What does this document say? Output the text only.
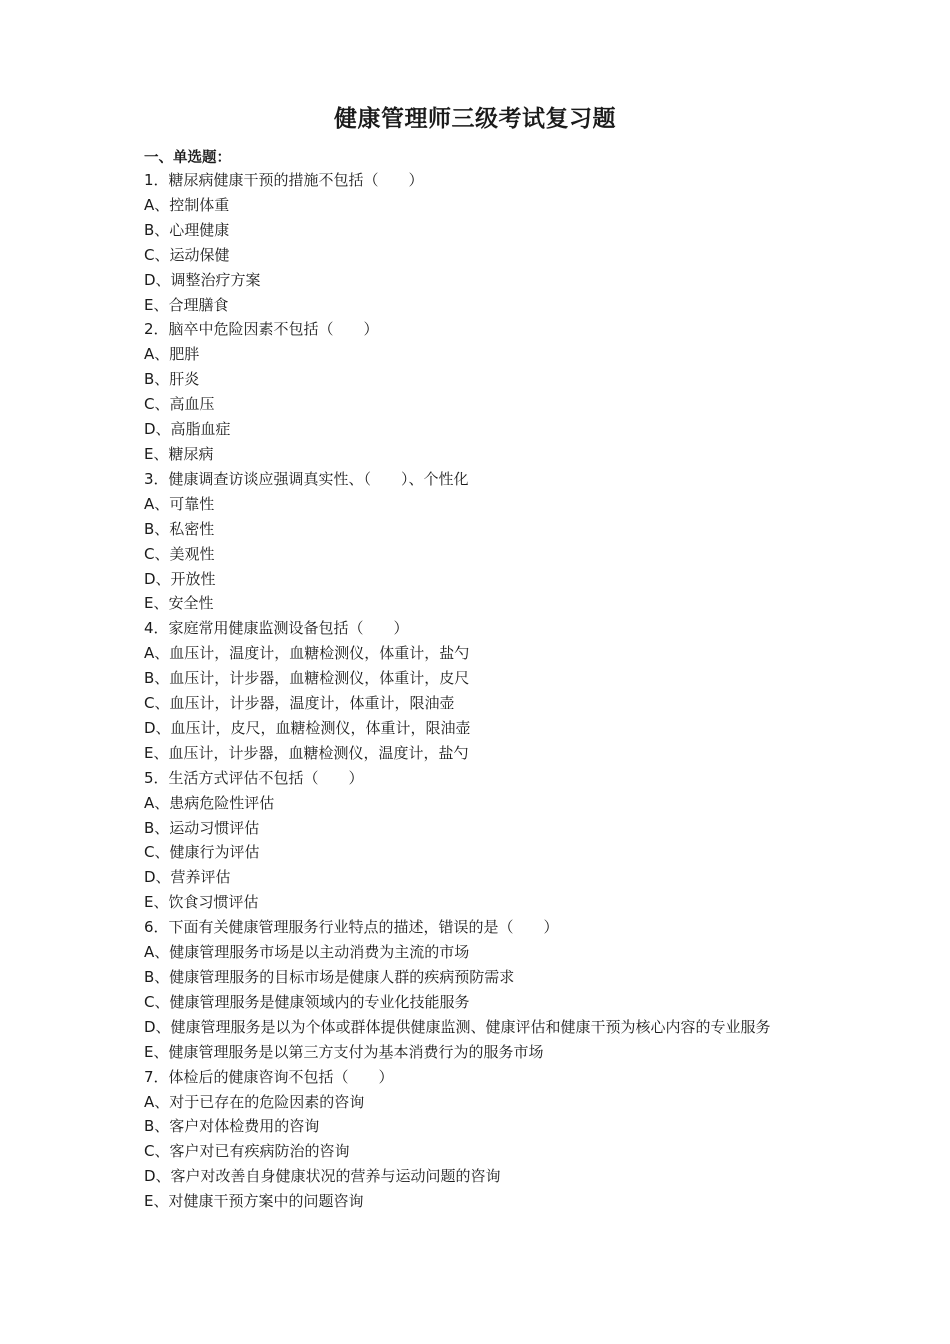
健康管理师三级考试复习题
一、单选题：
1．糖尿病健康干预的措施不包括（　　）
A、控制体重
B、心理健康
C、运动保健
D、调整治疗方案
E、合理膳食
2．脑卒中危险因素不包括（　　）
A、肥胖
B、肝炎
C、高血压
D、高脂血症
E、糖尿病
3．健康调查访谈应强调真实性、（　　）、个性化
A、可靠性
B、私密性
C、美观性
D、开放性
E、安全性
4．家庭常用健康监测设备包括（　　）
A、血压计，温度计，血糖检测仪，体重计，盐勺
B、血压计，计步器，血糖检测仪，体重计，皮尺
C、血压计，计步器，温度计，体重计，限油壶
D、血压计，皮尺，血糖检测仪，体重计，限油壶
E、血压计，计步器，血糖检测仪，温度计，盐勺
5．生活方式评估不包括（　　）
A、患病危险性评估
B、运动习惯评估
C、健康行为评估
D、营养评估
E、饮食习惯评估
6．下面有关健康管理服务行业特点的描述，错误的是（　　）
A、健康管理服务市场是以主动消费为主流的市场
B、健康管理服务的目标市场是健康人群的疾病预防需求
C、健康管理服务是健康领域内的专业化技能服务
D、健康管理服务是以为个体或群体提供健康监测、健康评估和健康干预为核心内容的专业服务
E、健康管理服务是以第三方支付为基本消费行为的服务市场
7．体检后的健康咨询不包括（　　）
A、对于已存在的危险因素的咨询
B、客户对体检费用的咨询
C、客户对已有疾病防治的咨询
D、客户对改善自身健康状况的营养与运动问题的咨询
E、对健康干预方案中的问题咨询
